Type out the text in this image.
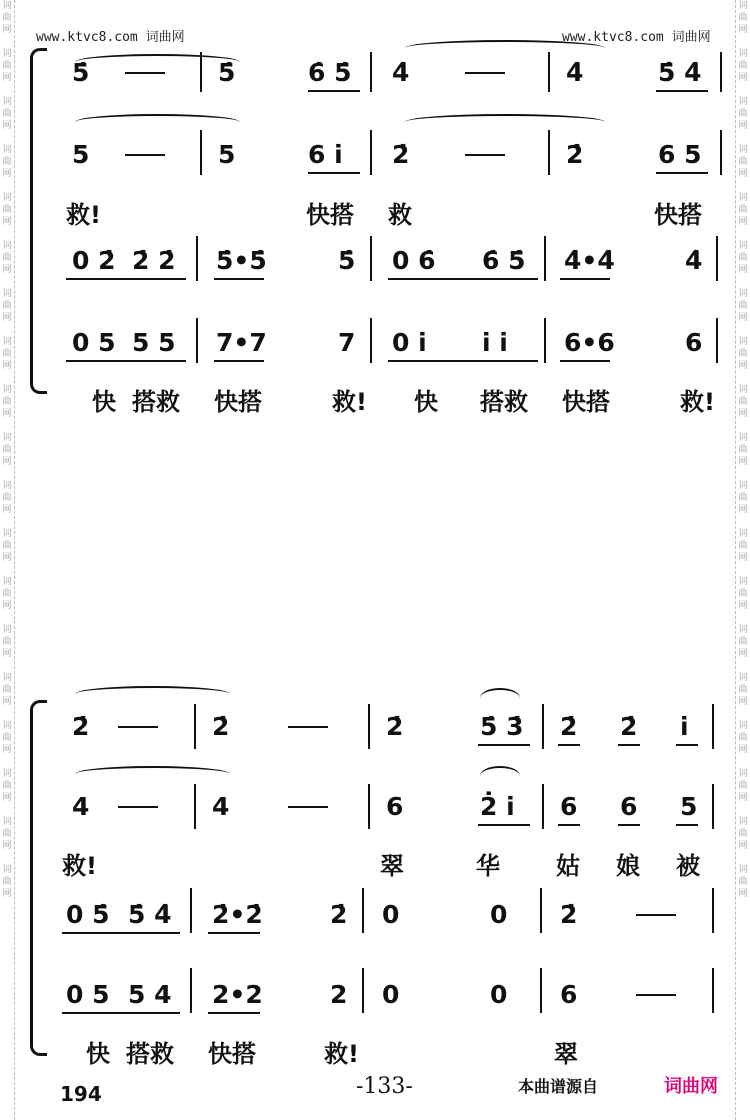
词
曲
网

词
曲
网

词
曲
网

词
曲
网

词
曲
网

词
曲
网

词
曲
网

词
曲
网

词
曲
网

词
曲
网

词
曲
网

词
曲
网

词
曲
网

词
曲
网

词
曲
网

词
曲
网

词
曲
网

词
曲
网

词
曲
网
词
曲
网

词
曲
网

词
曲
网

词
曲
网

词
曲
网

词
曲
网

词
曲
网

词
曲
网

词
曲
网

词
曲
网

词
曲
网

词
曲
网

词
曲
网

词
曲
网

词
曲
网

词
曲
网

词
曲
网

词
曲
网

词
曲
网
www.ktvc8.com 词曲网	www.ktvc8.com 词曲网
5̇	5̇	6̇ 5̇ 4̇	4̇	5̇ 4̇
5	5	6 i̇ 2̇	2̇	6 5
救!	快搭 救	快搭
0 2̇ 2̇ 2̇ 5̇•5̇	5̇ 0 6̇ 6̇ 5̇ 4̇•4̇	4̇
0 5 5 5 7•7	7 0 i̇ i̇ i̇ 6•6	6
快 搭救 快搭	救! 快 搭救 快搭	救!
2̇	2̇	2̇	5̇ 3̇ 2̇ 2̇ i̇
4	4	6	2̇ i̇ 6 6 5
救!	翠	华 姑 娘 被
0 5̇ 5̇ 4̇ 2̇•2̇	2̇ 0	0 2̇
0 5 5 4 2•2	2 0	0 6
快 搭救 快搭	救!	翠
194	-133-	本曲谱源自	词曲网
